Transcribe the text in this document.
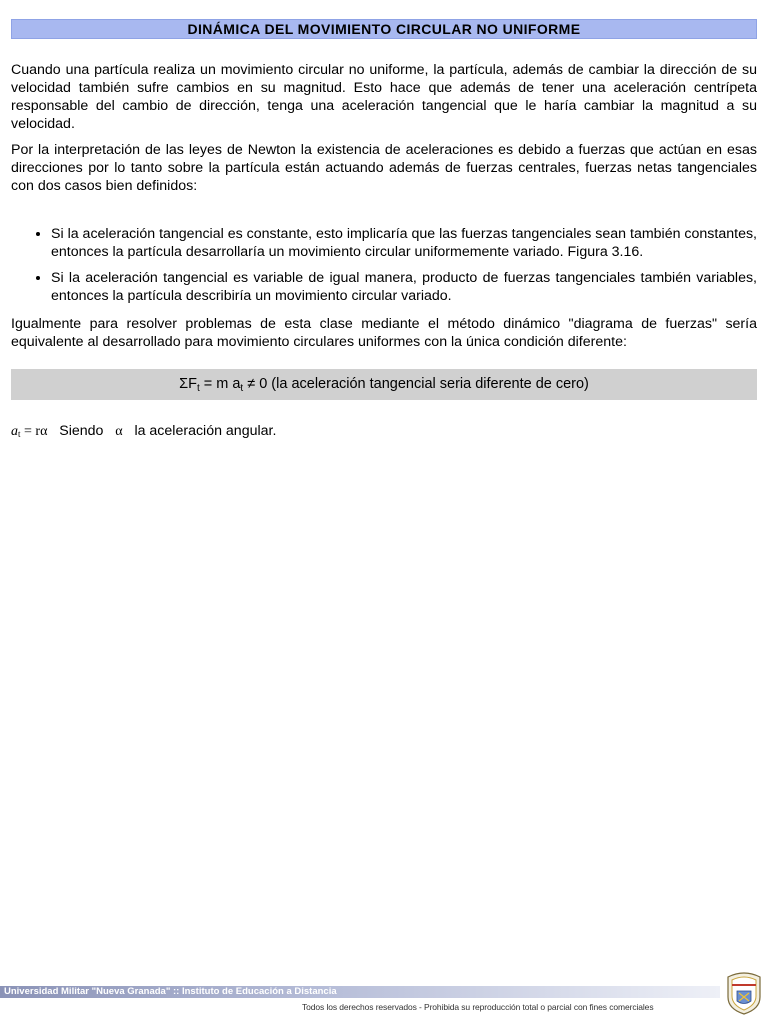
DINÁMICA DEL MOVIMIENTO CIRCULAR NO UNIFORME

Cuando una partícula realiza un movimiento circular no uniforme, la partícula, además de cambiar la dirección de su velocidad también sufre cambios en su magnitud. Esto hace que además de tener una aceleración centrípeta responsable del cambio de dirección, tenga una aceleración tangencial que le haría cambiar la magnitud a su velocidad.

Por la interpretación de las leyes de Newton la existencia de aceleraciones es debido a fuerzas que actúan en esas direcciones por lo tanto sobre la partícula están actuando además de fuerzas centrales, fuerzas netas tangenciales con dos casos bien definidos:

• Si la aceleración tangencial es constante, esto implicaría que las fuerzas tangenciales sean también constantes, entonces la partícula desarrollaría un movimiento circular uniformemente variado. Figura 3.16.
• Si la aceleración tangencial es variable de igual manera, producto de fuerzas tangenciales también variables, entonces la partícula describiría un movimiento circular variado.

Igualmente para resolver problemas de esta clase mediante el método dinámico "diagrama de fuerzas" sería equivalente al desarrollado para movimiento circulares uniformes con la única condición diferente:

$\Sigma F_t = m$ $a_t \ne 0$ (la aceleración tangencial seria diferente de cero)
$a_t = r\alpha$ Siendo α la aceleración angular.
Universidad Militar "Nueva Granada" :: Instituto de Educación a Distancia
Todos los derechos reservados - Prohibida su reproducción total o parcial con fines comerciales
